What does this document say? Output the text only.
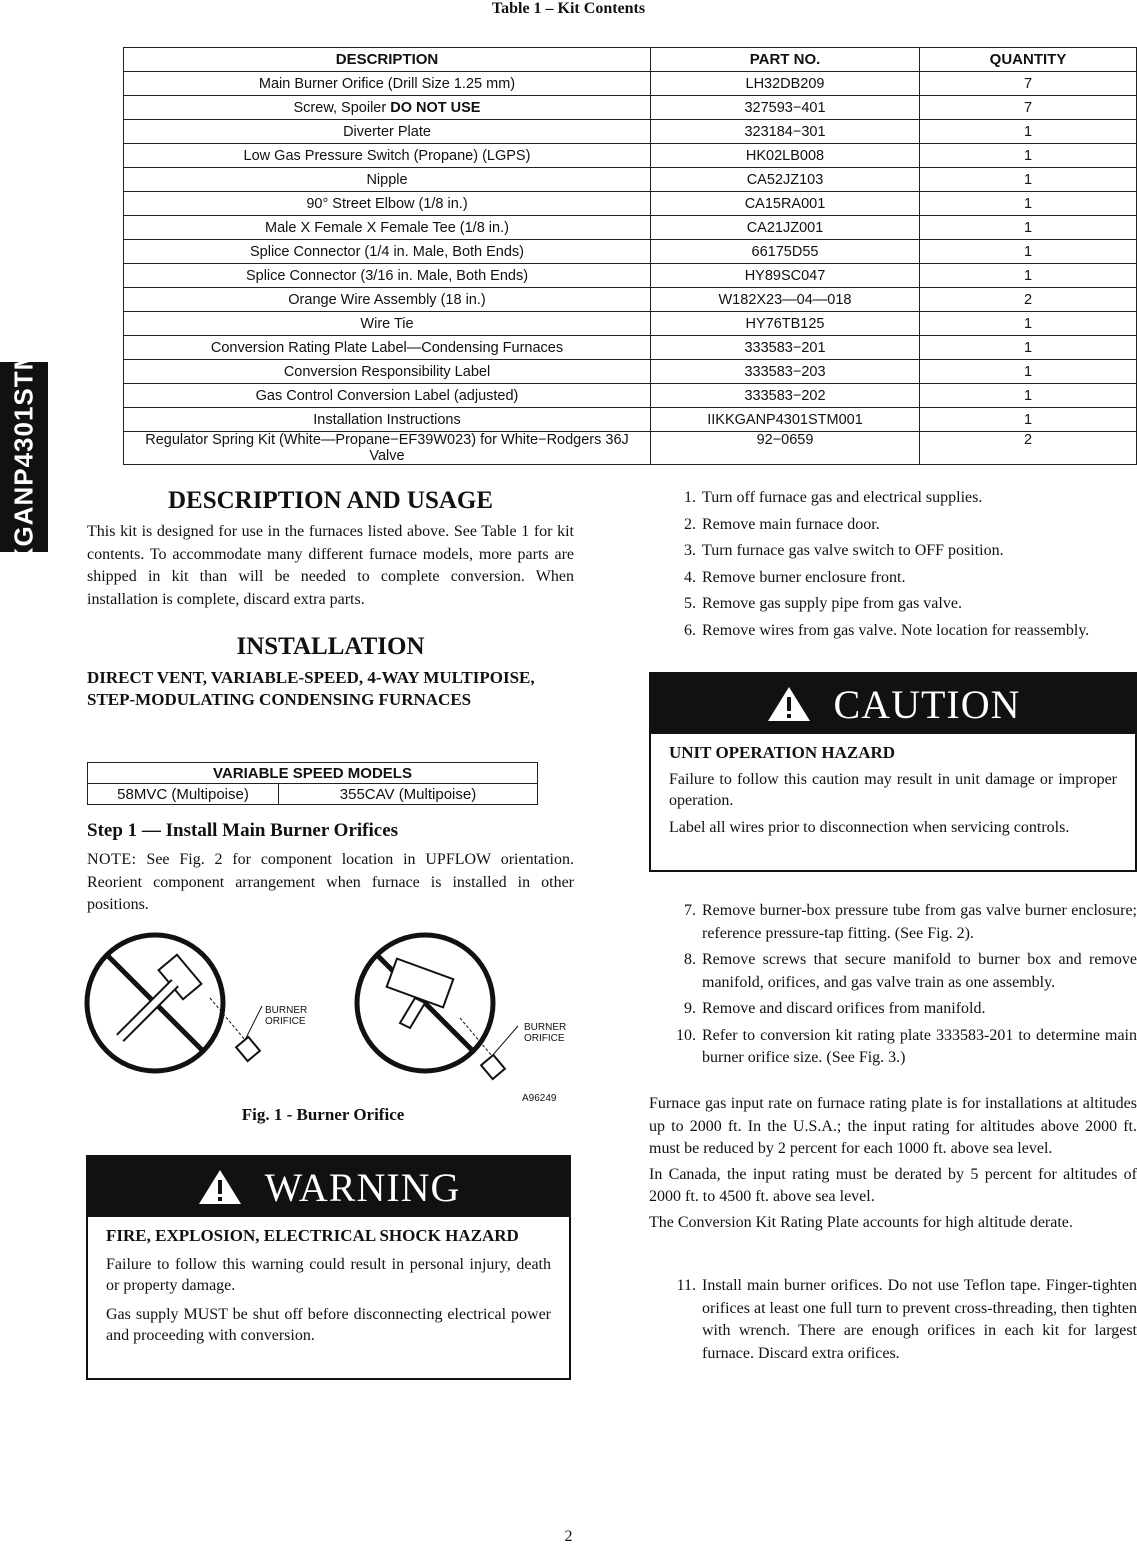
Table 1 – Kit Contents
KGANP4301STM
DESCRIPTION	PART NO.	QUANTITY
Main Burner Orifice (Drill Size 1.25 mm)	LH32DB209	7
Screw, Spoiler DO NOT USE	327593−401	7
Diverter Plate	323184−301	1
Low Gas Pressure Switch (Propane) (LGPS)	HK02LB008	1
Nipple	CA52JZ103	1
90° Street Elbow (1/8 in.)	CA15RA001	1
Male X Female X Female Tee (1/8 in.)	CA21JZ001	1
Splice Connector (1/4 in. Male, Both Ends)	66175D55	1
Splice Connector (3/16 in. Male, Both Ends)	HY89SC047	1
Orange Wire Assembly (18 in.)	W182X23—04—018	2
Wire Tie	HY76TB125	1
Conversion Rating Plate Label—Condensing Furnaces	333583−201	1
Conversion Responsibility Label	333583−203	1
Gas Control Conversion Label (adjusted)	333583−202	1
Installation Instructions	IIKKGANP4301STM001	1
Regulator Spring Kit (White—Propane−EF39W023) for White−Rodgers 36J Valve	92−0659	2
DESCRIPTION AND USAGE

This kit is designed for use in the furnaces listed above. See Table 1 for kit contents. To accommodate many different furnace models, more parts are shipped in kit than will be needed to complete conversion. When installation is complete, discard extra parts.

INSTALLATION

DIRECT VENT, VARIABLE-SPEED, 4-WAY MULTIPOISE, STEP-MODULATING CONDENSING FURNACES

VARIABLE SPEED MODELS
58MVC (Multipoise)	355CAV (Multipoise)

Step 1 — Install Main Burner Orifices

NOTE: See Fig. 2 for component location in UPFLOW orientation. Reorient component arrangement when furnace is installed in other positions.

BURNER
ORIFICE
BURNER
ORIFICE
A96249
Fig. 1 - Burner Orifice
WARNING

FIRE, EXPLOSION, ELECTRICAL SHOCK HAZARD

Failure to follow this warning could result in personal injury, death or property damage.

Gas supply MUST be shut off before disconnecting electrical power and proceeding with conversion.

1. Turn off furnace gas and electrical supplies.
2. Remove main furnace door.
3. Turn furnace gas valve switch to OFF position.
4. Remove burner enclosure front.
5. Remove gas supply pipe from gas valve.
6. Remove wires from gas valve. Note location for reassembly.
CAUTION

UNIT OPERATION HAZARD

Failure to follow this caution may result in unit damage or improper operation.

Label all wires prior to disconnection when servicing controls.

7. Remove burner-box pressure tube from gas valve burner enclosure; reference pressure-tap fitting. (See Fig. 2).
8. Remove screws that secure manifold to burner box and remove manifold, orifices, and gas valve train as one assembly.
9. Remove and discard orifices from manifold.
10. Refer to conversion kit rating plate 333583-201 to determine main burner orifice size. (See Fig. 3.)

Furnace gas input rate on furnace rating plate is for installations at altitudes up to 2000 ft. In the U.S.A.; the input rating for altitudes above 2000 ft. must be reduced by 2 percent for each 1000 ft. above sea level.

In Canada, the input rating must be derated by 5 percent for altitudes of 2000 ft. to 4500 ft. above sea level.

The Conversion Kit Rating Plate accounts for high altitude derate.

11. Install main burner orifices. Do not use Teflon tape. Finger-tighten orifices at least one full turn to prevent cross-threading, then tighten with wrench. There are enough orifices in each kit for largest furnace. Discard extra orifices.
2
